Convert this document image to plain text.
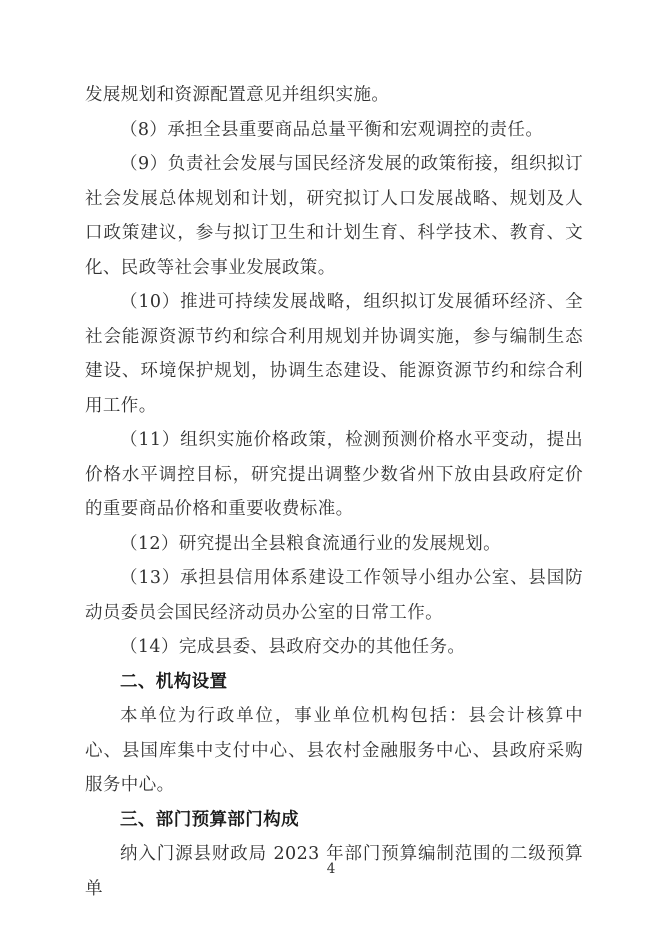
发展规划和资源配置意见并组织实施。

（8）承担全县重要商品总量平衡和宏观调控的责任。

（9）负责社会发展与国民经济发展的政策衔接，组织拟订社会发展总体规划和计划，研究拟订人口发展战略、规划及人口政策建议，参与拟订卫生和计划生育、科学技术、教育、文化、民政等社会事业发展政策。

（10）推进可持续发展战略，组织拟订发展循环经济、全社会能源资源节约和综合利用规划并协调实施，参与编制生态建设、环境保护规划，协调生态建设、能源资源节约和综合利用工作。

（11）组织实施价格政策，检测预测价格水平变动，提出价格水平调控目标，研究提出调整少数省州下放由县政府定价的重要商品价格和重要收费标准。

（12）研究提出全县粮食流通行业的发展规划。

（13）承担县信用体系建设工作领导小组办公室、县国防动员委员会国民经济动员办公室的日常工作。

（14）完成县委、县政府交办的其他任务。

二、机构设置

本单位为行政单位，事业单位机构包括：县会计核算中心、县国库集中支付中心、县农村金融服务中心、县政府采购服务中心。

三、部门预算部门构成

纳入门源县财政局 2023 年部门预算编制范围的二级预算单

4
